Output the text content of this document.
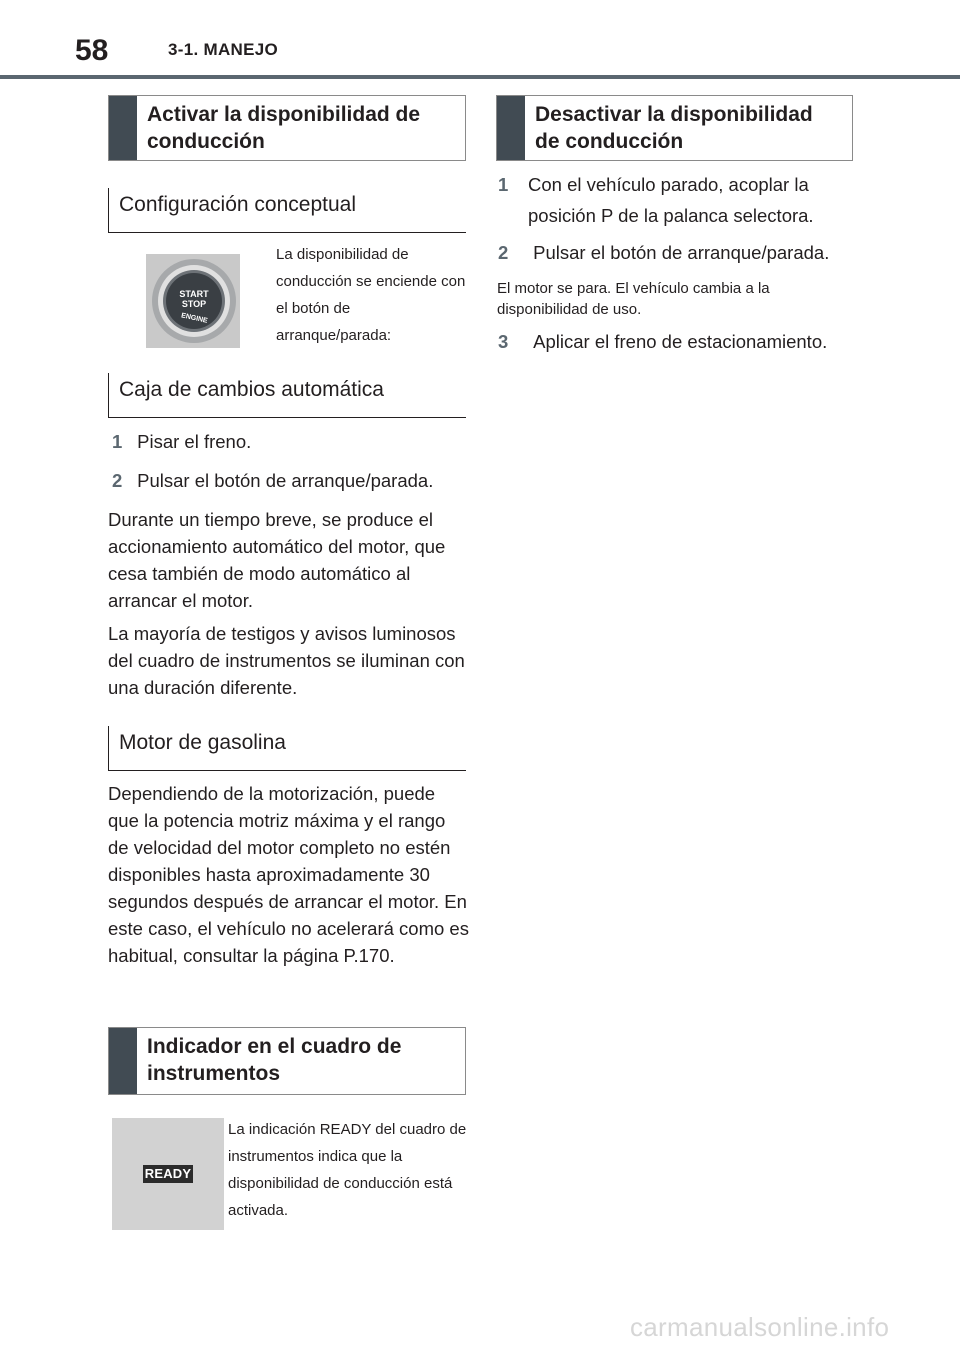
58	3-1. MANEJO
Activar la disponibilidad de conducción
Configuración conceptual
START
STOP
ENGINE
La disponibilidad de conducción se enciende con el botón de arranque/parada:
Caja de cambios automática
1 Pisar el freno.
2 Pulsar el botón de arranque/parada.
Durante un tiempo breve, se produce el accionamiento automático del motor, que cesa también de modo automático al arrancar el motor.
La mayoría de testigos y avisos luminosos del cuadro de instrumentos se iluminan con una duración diferente.
Motor de gasolina
Dependiendo de la motorización, puede que la potencia motriz máxima y el rango de velocidad del motor completo no estén disponibles hasta aproximadamente 30 segundos después de arrancar el motor. En este caso, el vehículo no acelerará como es habitual, consultar la página P.170.
Indicador en el cuadro de instrumentos
READY
La indicación READY del cuadro de instrumentos indica que la disponibilidad de conducción está activada.
Desactivar la disponibilidad de conducción
1	Con el vehículo parado, acoplar la posición P de la palanca selectora.
2 Pulsar el botón de arranque/parada.
El motor se para. El vehículo cambia a la disponibilidad de uso.
3 Aplicar el freno de estacionamiento.
carmanualsonline.info
